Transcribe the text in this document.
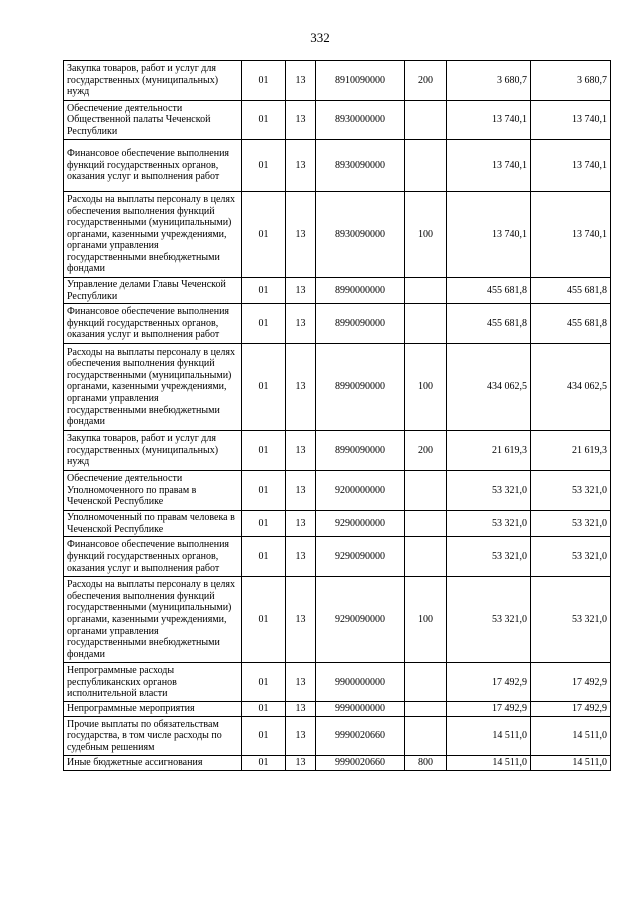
332
Закупка товаров, работ и услуг для государственных (муниципальных) нужд	01	13	8910090000	200	3 680,7	3 680,7
Обеспечение деятельности Общественной палаты Чеченской Республики	01	13	8930000000		13 740,1	13 740,1
Финансовое обеспечение выполнения функций государственных органов, оказания услуг и выполнения работ	01	13	8930090000		13 740,1	13 740,1
Расходы на выплаты персоналу в целях обеспечения выполнения функций государственными (муниципальными) органами, казенными учреждениями, органами управления государственными внебюджетными фондами	01	13	8930090000	100	13 740,1	13 740,1
Управление делами Главы Чеченской Республики	01	13	8990000000		455 681,8	455 681,8
Финансовое обеспечение выполнения функций государственных органов, оказания услуг и выполнения работ	01	13	8990090000		455 681,8	455 681,8
Расходы на выплаты персоналу в целях обеспечения выполнения функций государственными (муниципальными) органами, казенными учреждениями, органами управления государственными внебюджетными фондами	01	13	8990090000	100	434 062,5	434 062,5
Закупка товаров, работ и услуг для государственных (муниципальных) нужд	01	13	8990090000	200	21 619,3	21 619,3
Обеспечение деятельности Уполномоченного по правам в Чеченской Республике	01	13	9200000000		53 321,0	53 321,0
Уполномоченный по правам человека в Чеченской Республике	01	13	9290000000		53 321,0	53 321,0
Финансовое обеспечение выполнения функций государственных органов, оказания услуг и выполнения работ	01	13	9290090000		53 321,0	53 321,0
Расходы на выплаты персоналу в целях обеспечения выполнения функций государственными (муниципальными) органами, казенными учреждениями, органами управления государственными внебюджетными фондами	01	13	9290090000	100	53 321,0	53 321,0
Непрограммные расходы республиканских органов исполнительной власти	01	13	9900000000		17 492,9	17 492,9
Непрограммные мероприятия	01	13	9990000000		17 492,9	17 492,9
Прочие выплаты по обязательствам государства, в том числе расходы по судебным решениям	01	13	9990020660		14 511,0	14 511,0
Иные бюджетные ассигнования	01	13	9990020660	800	14 511,0	14 511,0
